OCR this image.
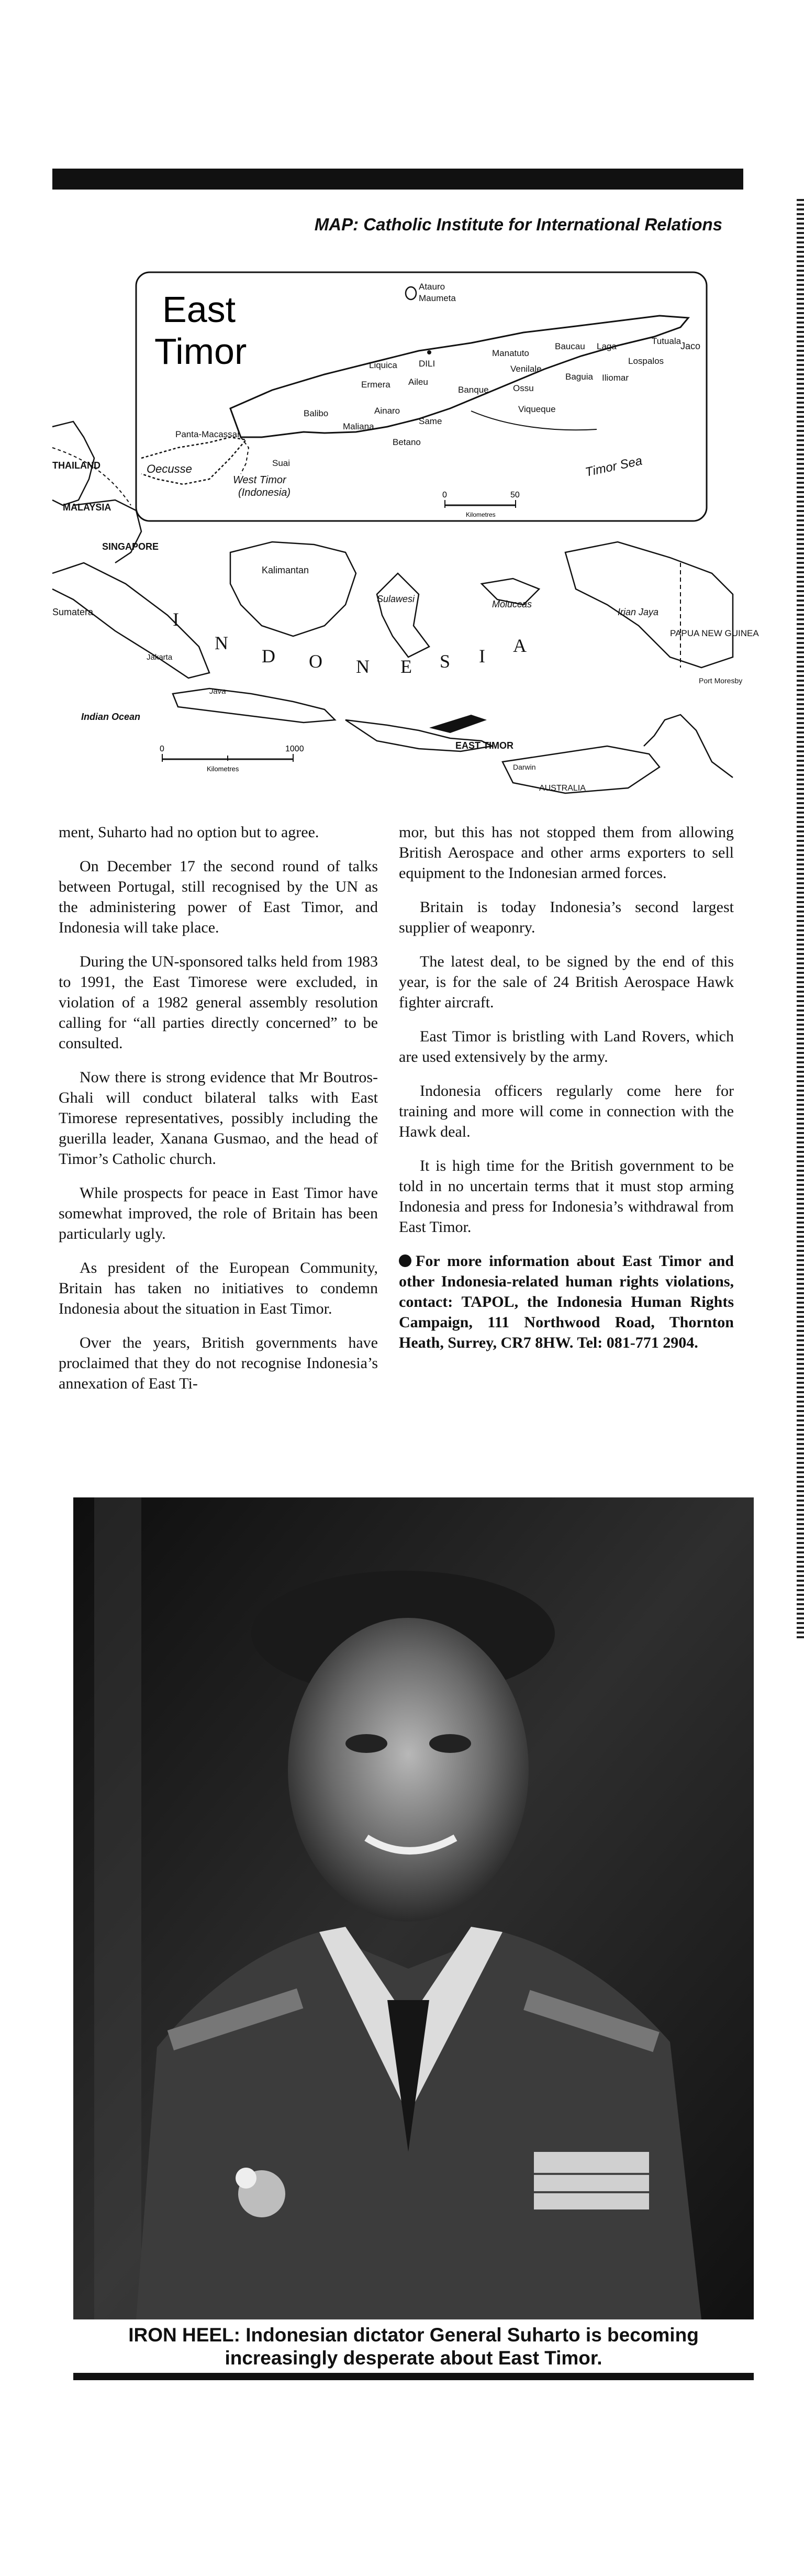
MAP: Catholic Institute for International Relations
East
Timor
Atauro
Maumeta
Liquica DILI
Manatuto
Baucau Laga
Tutuala
Jaco
Ermera Aileu
Venilale
Baguia
Lospalos
Iliomar
Banque	Ossu
Balibo	Ainaro
Same
Maliana
Viqueque
Betano
Panta-Macassar
Oecusse	Suai
West Timor
(Indonesia)
Timor Sea
0	50
Kilometres
THAILAND
MALAYSIA
SINGAPORE
Kalimantan
Sumatera
Sulawesi	Moluccas
Irian Jaya
PAPUA NEW GUINEA
Port Moresby
Jakarta
Java
Indian Ocean
EAST TIMOR
Darwin
AUSTRALIA
I
N
D O N E S I A
0	1000
Kilometres

ment, Suharto had no option but to agree.

On December 17 the second round of talks between Portugal, still recognised by the UN as the administering power of East Timor, and Indonesia will take place.

During the UN-sponsored talks held from 1983 to 1991, the East Timorese were excluded, in violation of a 1982 general assembly resolution calling for “all parties directly concerned” to be consulted.

Now there is strong evidence that Mr Boutros-Ghali will conduct bilateral talks with East Timorese representatives, possibly including the guerilla leader, Xanana Gusmao, and the head of Timor’s Catholic church.

While prospects for peace in East Timor have somewhat improved, the role of Britain has been particularly ugly.

As president of the European Community, Britain has taken no initiatives to condemn Indonesia about the situation in East Timor.

Over the years, British governments have proclaimed that they do not recognise Indonesia’s annexation of East Ti-

mor, but this has not stopped them from allowing British Aerospace and other arms exporters to sell equipment to the Indonesian armed forces.

Britain is today Indonesia’s second largest supplier of weaponry.

The latest deal, to be signed by the end of this year, is for the sale of 24 British Aerospace Hawk fighter aircraft.

East Timor is bristling with Land Rovers, which are used extensively by the army.

Indonesia officers regularly come here for training and more will come in connection with the Hawk deal.

It is high time for the British government to be told in no uncertain terms that it must stop arming Indonesia and press for Indonesia’s withdrawal from East Timor.

For more information about East Timor and other Indonesia-related human rights violations, contact: TAPOL, the Indonesia Human Rights Campaign, 111 Northwood Road, Thornton Heath, Surrey, CR7 8HW. Tel: 081-771 2904.

IRON HEEL: Indonesian dictator General Suharto is becoming
increasingly desperate about East Timor.
